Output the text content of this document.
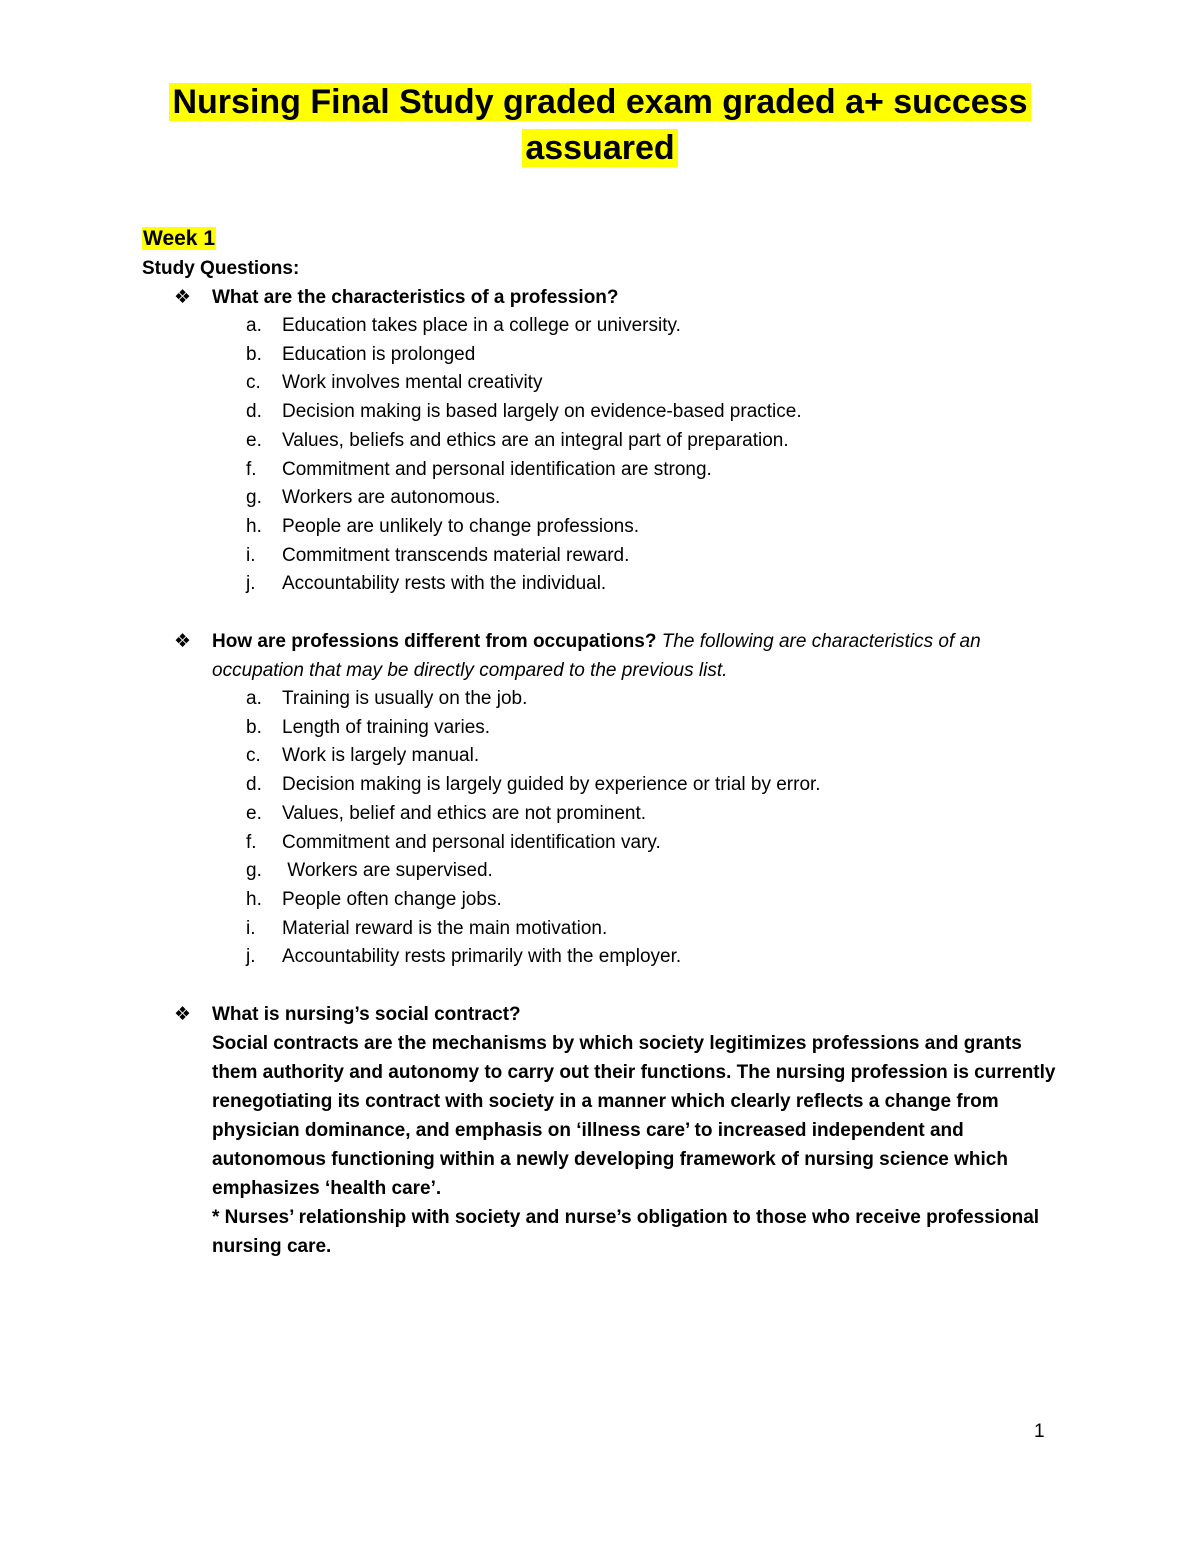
Nursing Final Study graded exam graded a+ success
assuared
Week 1
Study Questions:
❖ What are the characteristics of a profession?
a. Education takes place in a college or university.
b. Education is prolonged
c. Work involves mental creativity
d. Decision making is based largely on evidence-based practice.
e. Values, beliefs and ethics are an integral part of preparation.
f. Commitment and personal identification are strong.
g. Workers are autonomous.
h. People are unlikely to change professions.
i. Commitment transcends material reward.
j. Accountability rests with the individual.
❖ How are professions different from occupations? The following are characteristics of an occupation that may be directly compared to the previous list.
a. Training is usually on the job.
b. Length of training varies.
c. Work is largely manual.
d. Decision making is largely guided by experience or trial by error.
e. Values, belief and ethics are not prominent.
f. Commitment and personal identification vary.
g. Workers are supervised.
h. People often change jobs.
i. Material reward is the main motivation.
j. Accountability rests primarily with the employer.
❖ What is nursing’s social contract?
Social contracts are the mechanisms by which society legitimizes professions and grants them authority and autonomy to carry out their functions. The nursing profession is currently renegotiating its contract with society in a manner which clearly reflects a change from physician dominance, and emphasis on ‘illness care’ to increased independent and autonomous functioning within a newly developing framework of nursing science which emphasizes ‘health care’.
* Nurses’ relationship with society and nurse’s obligation to those who receive professional nursing care.
1
